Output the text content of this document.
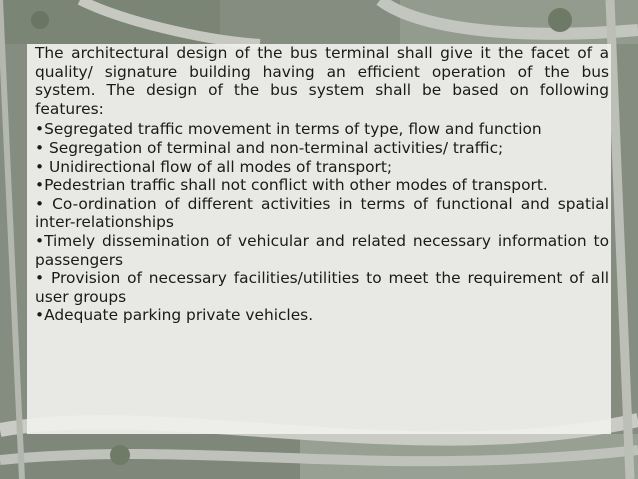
The architectural design of the bus terminal shall give it the facet of a quality/ signature building having an efficient operation of the bus system. The design of the bus system shall be based on following features:

•Segregated traffic movement in terms of type, flow and function

• Segregation of terminal and non-terminal activities/ traffic;

• Unidirectional flow of all modes of transport;

•Pedestrian traffic shall not conflict with other modes of transport.

• Co-ordination of different activities in terms of functional and spatial inter-relationships

•Timely dissemination of vehicular and related necessary information to passengers

• Provision of necessary facilities/utilities to meet the requirement of all user groups

•Adequate parking private vehicles.
